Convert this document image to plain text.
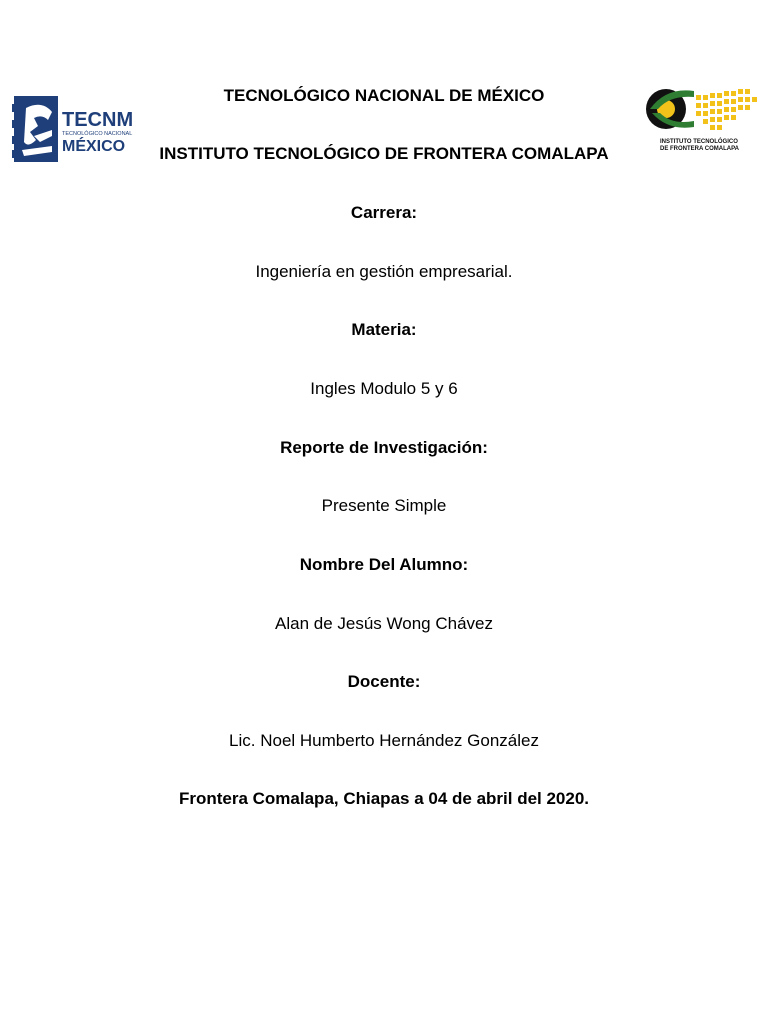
TECNM
TECNOLÓGICO NACIONAL DE
MÉXICO	INSTITUTO TECNOLÓGICO
DE FRONTERA COMALAPA
TECNOLÓGICO NACIONAL DE MÉXICO
INSTITUTO TECNOLÓGICO DE FRONTERA COMALAPA
Carrera:
Ingeniería en gestión empresarial.
Materia:
Ingles Modulo 5 y 6
Reporte de Investigación:
Presente Simple
Nombre Del Alumno:
Alan de Jesús Wong Chávez
Docente:
Lic. Noel Humberto Hernández González
Frontera Comalapa, Chiapas a 04 de abril del 2020.
